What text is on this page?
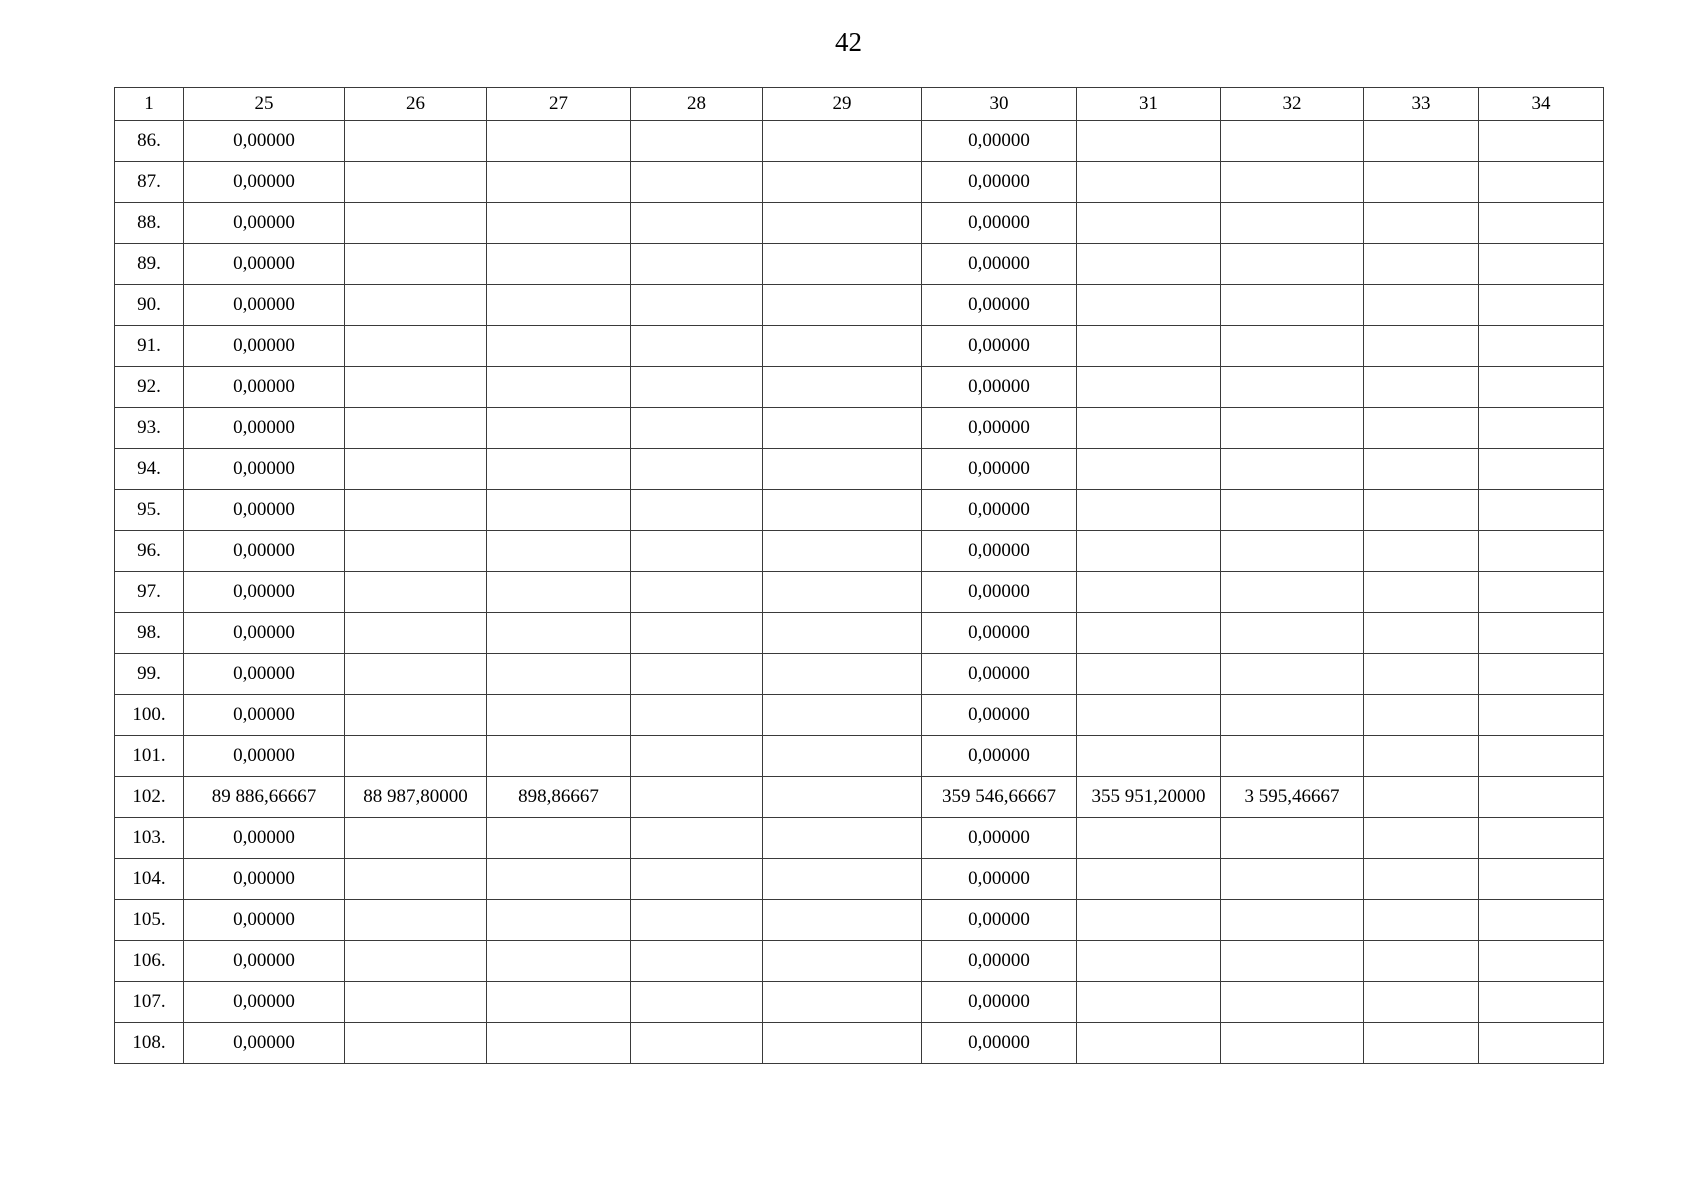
42
1	25	26	27	28	29	30	31	32	33	34
86.	0,00000					0,00000				
87.	0,00000					0,00000				
88.	0,00000					0,00000				
89.	0,00000					0,00000				
90.	0,00000					0,00000				
91.	0,00000					0,00000				
92.	0,00000					0,00000				
93.	0,00000					0,00000				
94.	0,00000					0,00000				
95.	0,00000					0,00000				
96.	0,00000					0,00000				
97.	0,00000					0,00000				
98.	0,00000					0,00000				
99.	0,00000					0,00000				
100.	0,00000					0,00000				
101.	0,00000					0,00000				
102.	89 886,66667	88 987,80000	898,86667			359 546,66667	355 951,20000	3 595,46667		
103.	0,00000					0,00000				
104.	0,00000					0,00000				
105.	0,00000					0,00000				
106.	0,00000					0,00000				
107.	0,00000					0,00000				
108.	0,00000					0,00000				
